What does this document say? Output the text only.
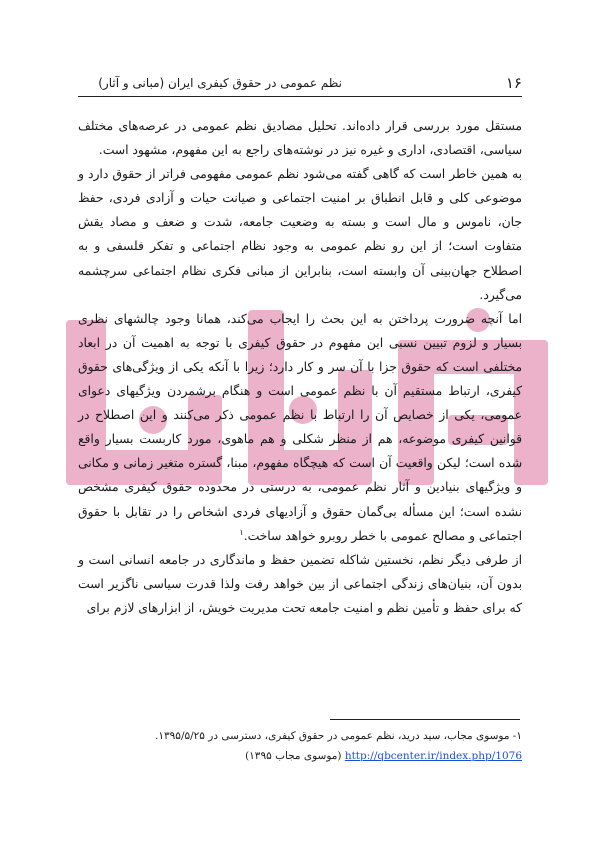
۱۶
نظم عمومی در حقوق کیفری ایران (مبانی و آثار)

مستقل مورد بررسی قرار داده‌اند. تحلیل مصادیق نظم عمومی در عرصه‌های مختلف سیاسی، اقتصادی، اداری و غیره نیز در نوشته‌های راجع به این مفهوم، مشهود است.

به همین خاطر است که گاهی گفته می‌شود نظم عمومی مفهومی فراتر از حقوق دارد و موضوعی کلی و قابل انطباق بر امنیت اجتماعی و صیانت حیات و آزادی فردی، حفظ جان، ناموس و مال است و بسته به وضعیت جامعه، شدت و ضعف و مصاد یقش متفاوت است؛ از این رو نظم عمومی به وجود نظام اجتماعی و تفکر فلسفی و به اصطلاح جهان‌بینی آن وابسته است، بنابراین از مبانی فکری نظام اجتماعی سرچشمه می‌گیرد.

اما آنچه ضرورت پرداختن به این بحث را ایجاب می‌کند، همانا وجود چالشهای نظری بسیار و لزوم تبیین نسبی این مفهوم در حقوق کیفری با توجه به اهمیت آن در ابعاد مختلفی است که حقوق جزا با آن سر و کار دارد؛ زیرا با آنکه یکی از ویژگی‌های حقوق کیفری، ارتباط مستقیم آن با نظم عمومی است و هنگام برشمردن ویژگیهای دعوای عمومی، یکی از خصایص آن را ارتباط با نظم عمومی ذکر می‌کنند و این اصطلاح در قوانین کیفری موضوعه، هم از منظر شکلی و هم ماهوی، مورد کاربست بسیار واقع شده است؛ لیکن واقعیت آن است که هیچگاه مفهوم، مبنا، گستره متغیر زمانی و مکانی و ویژگیهای بنیادین و آثار نظم عمومی، به درستی در محدوده حقوق کیفری مشخص نشده است؛ این مسأله بی‌گمان حقوق و آزادیهای فردی اشخاص را در تقابل با حقوق اجتماعی و مصالح عمومی با خطر روبرو خواهد ساخت.$^۱$

از طرفی دیگر نظم، نخستین شاکله تضمین حفظ و ماندگاری در جامعه انسانی است و بدون آن، بنیان‌های زندگی اجتماعی از بین خواهد رفت ولذا قدرت سیاسی ناگزیر است که برای حفظ و تأمین نظم و امنیت جامعه تحت مدیریت خویش، از ابزارهای لازم برای

۱- موسوی مجاب، سید درید، نظم عمومی در حقوق کیفری، دسترسی در ۱۳۹۵/۵/۲۵.

http://qbcenter.ir/index.php/1076 (موسوی مجاب ۱۳۹۵)
